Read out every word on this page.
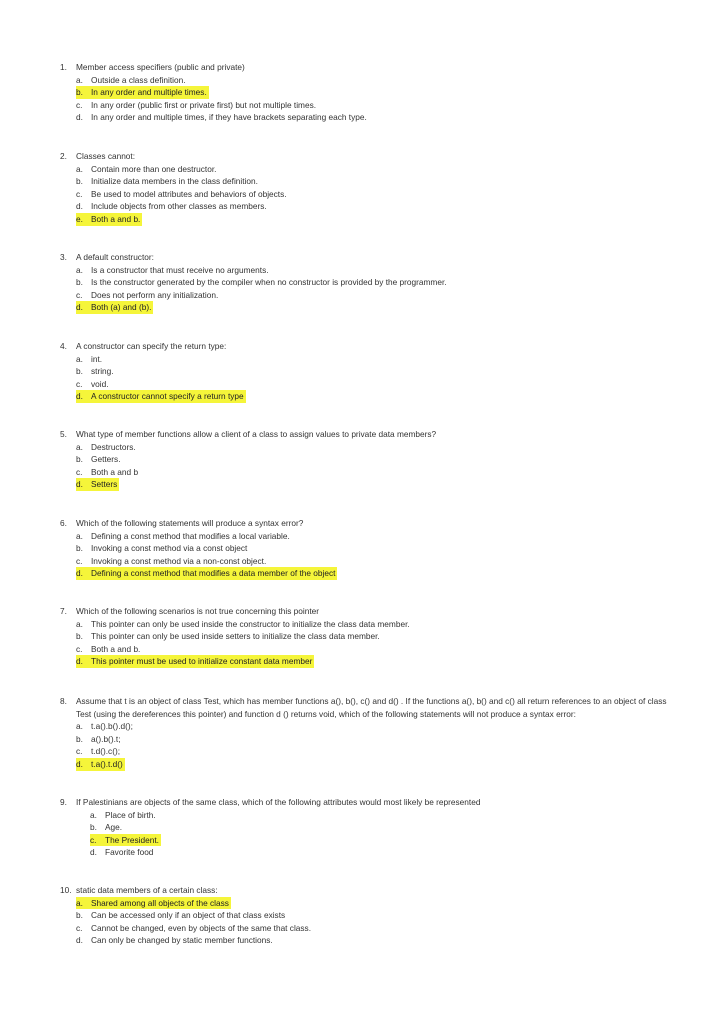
1. Member access specifiers (public and private)
a. Outside a class definition.
b. In any order and multiple times.
c. In any order (public first or private first) but not multiple times.
d. In any order and multiple times, if they have brackets separating each type.
2. Classes cannot:
a. Contain more than one destructor.
b. Initialize data members in the class definition.
c. Be used to model attributes and behaviors of objects.
d. Include objects from other classes as members.
e. Both a and b.
3. A default constructor:
a. Is a constructor that must receive no arguments.
b. Is the constructor generated by the compiler when no constructor is provided by the programmer.
c. Does not perform any initialization.
d. Both (a) and (b).
4. A constructor can specify the return type:
a. int.
b. string.
c. void.
d. A constructor cannot specify a return type
5. What type of member functions allow a client of a class to assign values to private data members?
a. Destructors.
b. Getters.
c. Both a and b
d. Setters
6. Which of the following statements will produce a syntax error?
a. Defining a const method that modifies a local variable.
b. Invoking a const method via a const object
c. Invoking a const method via a non-const object.
d. Defining a const method that modifies a data member of the object
7. Which of the following scenarios is not true concerning this pointer
a. This pointer can only be used inside the constructor to initialize the class data member.
b. This pointer can only be used inside setters to initialize the class data member.
c. Both a and b.
d. This pointer must be used to initialize constant data member
8. Assume that t is an object of class Test, which has member functions a(), b(), c() and d() . If the functions a(), b() and c() all return references to an object of class Test (using the dereferences this pointer) and function d () returns void, which of the following statements will not produce a syntax error:
a. t.a().b().d();
b. a().b().t;
c. t.d().c();
d. t.a().t.d()
9. If Palestinians are objects of the same class, which of the following attributes would most likely be represented
a. Place of birth.
b. Age.
c. The President.
d. Favorite food
10. static data members of a certain class:
a. Shared among all objects of the class
b. Can be accessed only if an object of that class exists
c. Cannot be changed, even by objects of the same that class.
d. Can only be changed by static member functions.
